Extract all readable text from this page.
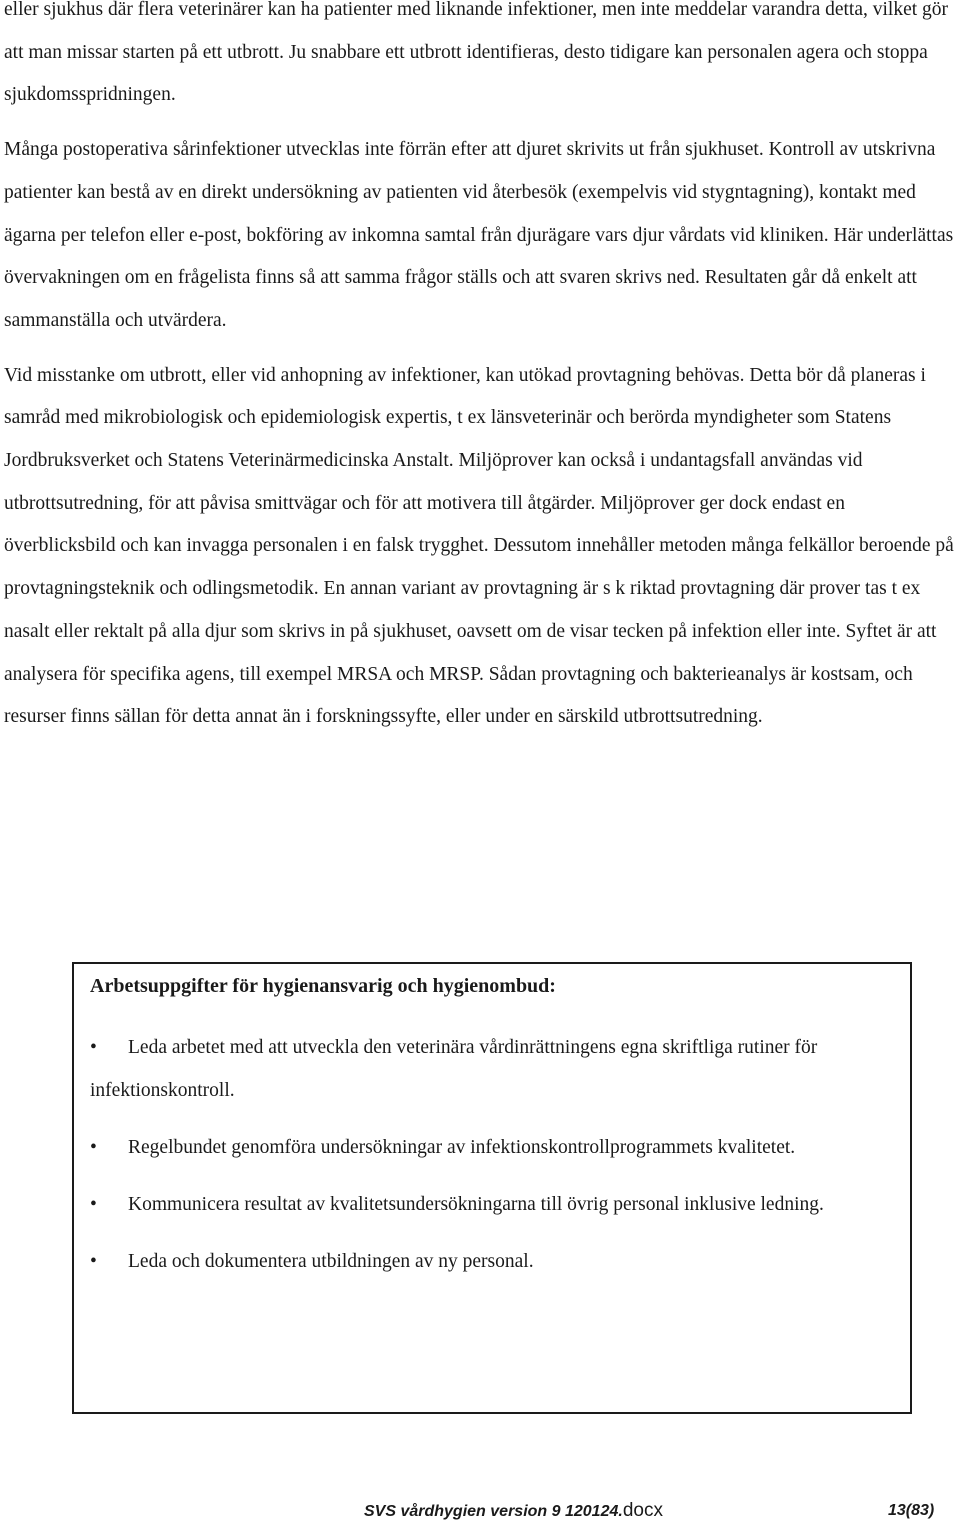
eller sjukhus där flera veterinärer kan ha patienter med liknande infektioner, men inte meddelar varandra detta, vilket gör att man missar starten på ett utbrott. Ju snabbare ett utbrott identifieras, desto tidigare kan personalen agera och stoppa sjukdomsspridningen.

Många postoperativa sårinfektioner utvecklas inte förrän efter att djuret skrivits ut från sjukhuset. Kontroll av utskrivna patienter kan bestå av en direkt undersökning av patienten vid återbesök (exempelvis vid stygntagning), kontakt med ägarna per telefon eller e-post, bokföring av inkomna samtal från djurägare vars djur vårdats vid kliniken. Här underlättas övervakningen om en frågelista finns så att samma frågor ställs och att svaren skrivs ned. Resultaten går då enkelt att sammanställa och utvärdera.

Vid misstanke om utbrott, eller vid anhopning av infektioner, kan utökad provtagning behövas. Detta bör då planeras i samråd med mikrobiologisk och epidemiologisk expertis, t ex länsveterinär och berörda myndigheter som Statens Jordbruksverket och Statens Veterinärmedicinska Anstalt. Miljöprover kan också i undantagsfall användas vid utbrottsutredning, för att påvisa smittvägar och för att motivera till åtgärder. Miljöprover ger dock endast en överblicksbild och kan invagga personalen i en falsk trygghet. Dessutom innehåller metoden många felkällor beroende på provtagningsteknik och odlingsmetodik. En annan variant av provtagning är s k riktad provtagning där prover tas t ex nasalt eller rektalt på alla djur som skrivs in på sjukhuset, oavsett om de visar tecken på infektion eller inte. Syftet är att analysera för specifika agens, till exempel MRSA och MRSP. Sådan provtagning och bakterieanalys är kostsam, och resurser finns sällan för detta annat än i forskningssyfte, eller under en särskild utbrottsutredning.

Arbetsuppgifter för hygienansvarig och hygienombud:

• Leda arbetet med att utveckla den veterinära vårdinrättningens egna skriftliga rutiner för infektionskontroll.
• Regelbundet genomföra undersökningar av infektionskontrollprogrammets kvalitetet.
• Kommunicera resultat av kvalitetsundersökningarna till övrig personal inklusive ledning.
• Leda och dokumentera utbildningen av ny personal.
SVS vårdhygien version 9 120124.docx	13(83)
